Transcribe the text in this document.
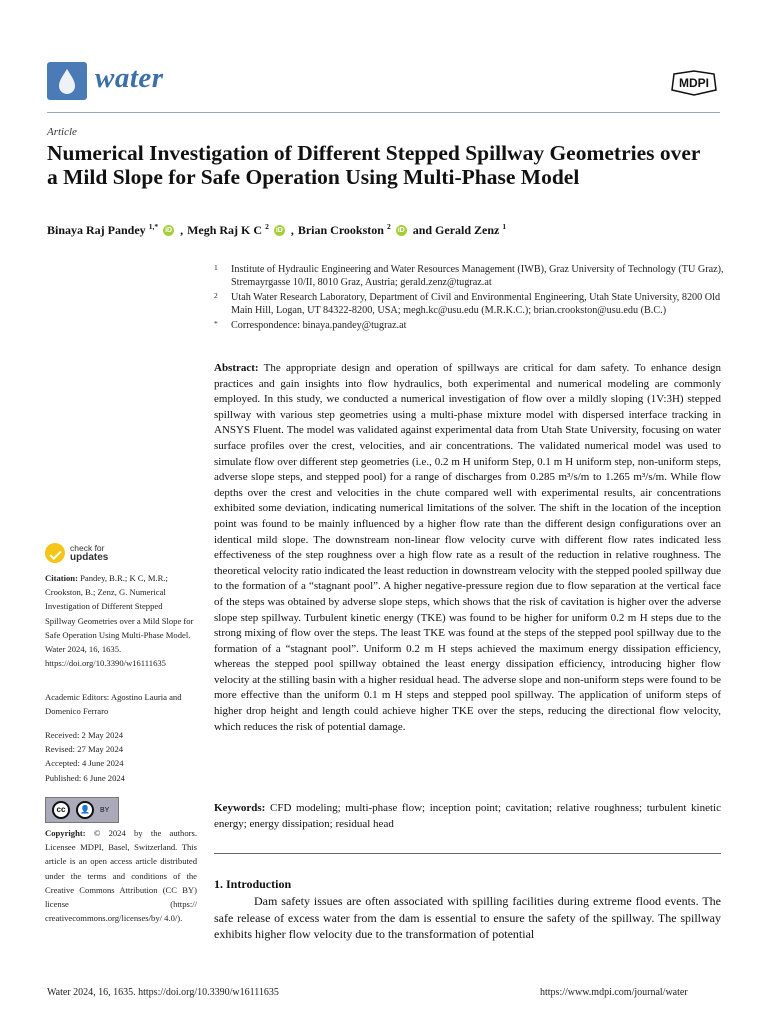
water	MDPI
Article
Numerical Investigation of Different Stepped Spillway Geometries over a Mild Slope for Safe Operation Using Multi-Phase Model
Binaya Raj Pandey $^{1,*}$ iD , Megh Raj K C $^2$ iD , Brian Crookston $^2$ iD and Gerald Zenz $^1$
1 Institute of Hydraulic Engineering and Water Resources Management (IWB), Graz University of Technology (TU Graz), Stremayrgasse 10/II, 8010 Graz, Austria; gerald.zenz@tugraz.at
2 Utah Water Research Laboratory, Department of Civil and Environmental Engineering, Utah State University, 8200 Old Main Hill, Logan, UT 84322-8200, USA; megh.kc@usu.edu (M.R.K.C.); brian.crookston@usu.edu (B.C.)
* Correspondence: binaya.pandey@tugraz.at
Abstract: The appropriate design and operation of spillways are critical for dam safety. To enhance design practices and gain insights into flow hydraulics, both experimental and numerical modeling are commonly employed. In this study, we conducted a numerical investigation of flow over a mildly sloping (1V:3H) stepped spillway with various step geometries using a multi-phase mixture model with dispersed interface tracking in ANSYS Fluent. The model was validated against experimental data from Utah State University, focusing on water surface profiles over the crest, velocities, and air concentrations. The validated numerical model was used to simulate flow over different step geometries (i.e., 0.2 m H uniform Step, 0.1 m H uniform step, non-uniform steps, adverse slope steps, and stepped pool) for a range of discharges from 0.285 m³/s/m to 1.265 m³/s/m. While flow depths over the crest and velocities in the chute compared well with experimental results, air concentrations exhibited some deviation, indicating numerical limitations of the solver. The shift in the location of the inception point was found to be mainly influenced by a higher flow rate than the different design configurations over an identical mild slope. The downstream non-linear flow velocity curve with different flow rates indicated less effectiveness of the step roughness over a high flow rate as a result of the reduction in relative roughness. The theoretical velocity ratio indicated the least reduction in downstream velocity with the stepped pooled spillway due to the formation of a “stagnant pool”. A higher negative-pressure region due to flow separation at the vertical face of the steps was obtained by adverse slope steps, which shows that the risk of cavitation is higher over the adverse slope step spillway. Turbulent kinetic energy (TKE) was found to be higher for uniform 0.2 m H steps due to the strong mixing of flow over the steps. The least TKE was found at the steps of the stepped pool spillway due to the formation of a “stagnant pool”. Uniform 0.2 m H steps achieved the maximum energy dissipation efficiency, whereas the stepped pool spillway obtained the least energy dissipation efficiency, introducing higher flow velocity at the stilling basin with a higher residual head. The adverse slope and non-uniform steps were found to be more effective than the uniform 0.1 m H steps and stepped pool spillway. The application of uniform steps of higher drop height and length could achieve higher TKE over the steps, reducing the directional flow velocity, which reduces the risk of potential damage.
Keywords: CFD modeling; multi-phase flow; inception point; cavitation; relative roughness; turbulent kinetic energy; energy dissipation; residual head
1. Introduction
Dam safety issues are often associated with spilling facilities during extreme flood events. The safe release of excess water from the dam is essential to ensure the safety of the spillway. The spillway exhibits higher flow velocity due to the transformation of potential
check for
updates
Citation: Pandey, B.R.; K C, M.R.; Crookston, B.; Zenz, G. Numerical Investigation of Different Stepped Spillway Geometries over a Mild Slope for Safe Operation Using Multi-Phase Model. Water 2024, 16, 1635. https://doi.org/10.3390/w16111635
Academic Editors: Agostino Lauria and Domenico Ferraro
Received: 2 May 2024
Revised: 27 May 2024
Accepted: 4 June 2024
Published: 6 June 2024
cc	👤	BY
Copyright: © 2024 by the authors. Licensee MDPI, Basel, Switzerland. This article is an open access article distributed under the terms and conditions of the Creative Commons Attribution (CC BY) license (https:// creativecommons.org/licenses/by/ 4.0/).
Water 2024, 16, 1635. https://doi.org/10.3390/w16111635	https://www.mdpi.com/journal/water
